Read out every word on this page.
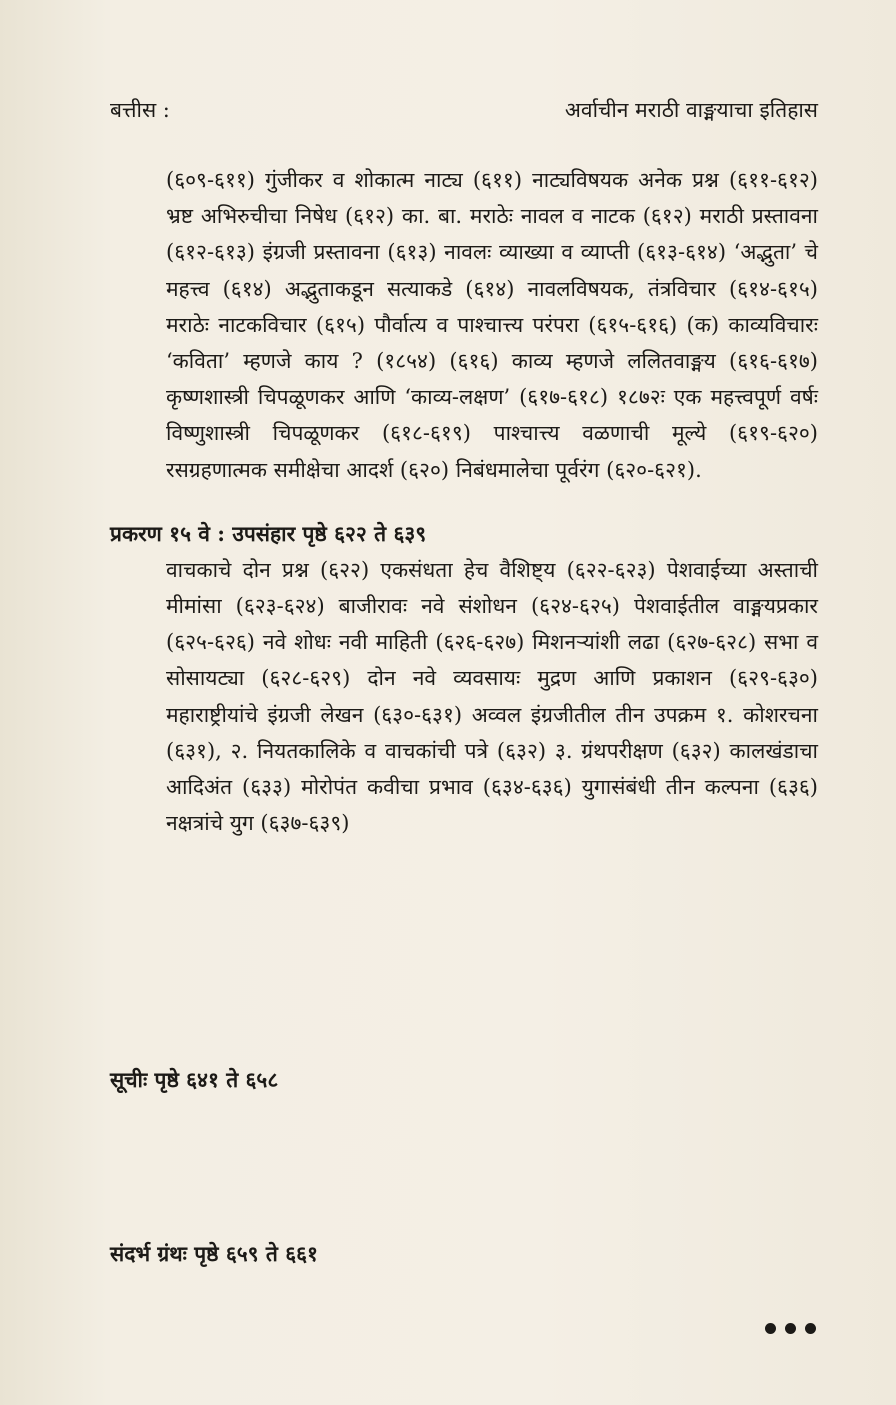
बत्तीस :	अर्वाचीन मराठी वाङ्मयाचा इतिहास
(६०९-६११) गुंजीकर व शोकात्म नाट्य (६११) नाट्यविषयक अनेक प्रश्न (६११-६१२) भ्रष्ट अभिरुचीचा निषेध (६१२) का. बा. मराठेः नावल व नाटक (६१२) मराठी प्रस्तावना (६१२-६१३) इंग्रजी प्रस्तावना (६१३) नावलः व्याख्या व व्याप्ती (६१३-६१४) ‘अद्भुता’ चे महत्त्व (६१४) अद्भुताकडून सत्याकडे (६१४) नावलविषयक, तंत्रविचार (६१४-६१५) मराठेः नाटकविचार (६१५) पौर्वात्य व पाश्चात्त्य परंपरा (६१५-६१६) (क) काव्यविचारः ‘कविता’ म्हणजे काय ? (१८५४) (६१६) काव्य म्हणजे ललितवाङ्मय (६१६-६१७) कृष्णशास्त्री चिपळूणकर आणि ‘काव्य-लक्षण’ (६१७-६१८) १८७२ः एक महत्त्वपूर्ण वर्षः विष्णुशास्त्री चिपळूणकर (६१८-६१९) पाश्चात्त्य वळणाची मूल्ये (६१९-६२०) रसग्रहणात्मक समीक्षेचा आदर्श (६२०) निबंधमालेचा पूर्वरंग (६२०-६२१).
प्रकरण १५ वे : उपसंहार पृष्ठे ६२२ ते ६३९
वाचकाचे दोन प्रश्न (६२२) एकसंधता हेच वैशिष्ट्य (६२२-६२३) पेशवाईच्या अस्ताची मीमांसा (६२३-६२४) बाजीरावः नवे संशोधन (६२४-६२५) पेशवाईतील वाङ्मयप्रकार (६२५-६२६) नवे शोधः नवी माहिती (६२६-६२७) मिशनऱ्यांशी लढा (६२७-६२८) सभा व सोसायट्या (६२८-६२९) दोन नवे व्यवसायः मुद्रण आणि प्रकाशन (६२९-६३०) महाराष्ट्रीयांचे इंग्रजी लेखन (६३०-६३१) अव्वल इंग्रजीतील तीन उपक्रम १. कोशरचना (६३१), २. नियतकालिके व वाचकांची पत्रे (६३२) ३. ग्रंथपरीक्षण (६३२) कालखंडाचा आदिअंत (६३३) मोरोपंत कवीचा प्रभाव (६३४-६३६) युगासंबंधी तीन कल्पना (६३६) नक्षत्रांचे युग (६३७-६३९)
सूचीः पृष्ठे ६४१ ते ६५८
संदर्भ ग्रंथः पृष्ठे ६५९ ते ६६१
